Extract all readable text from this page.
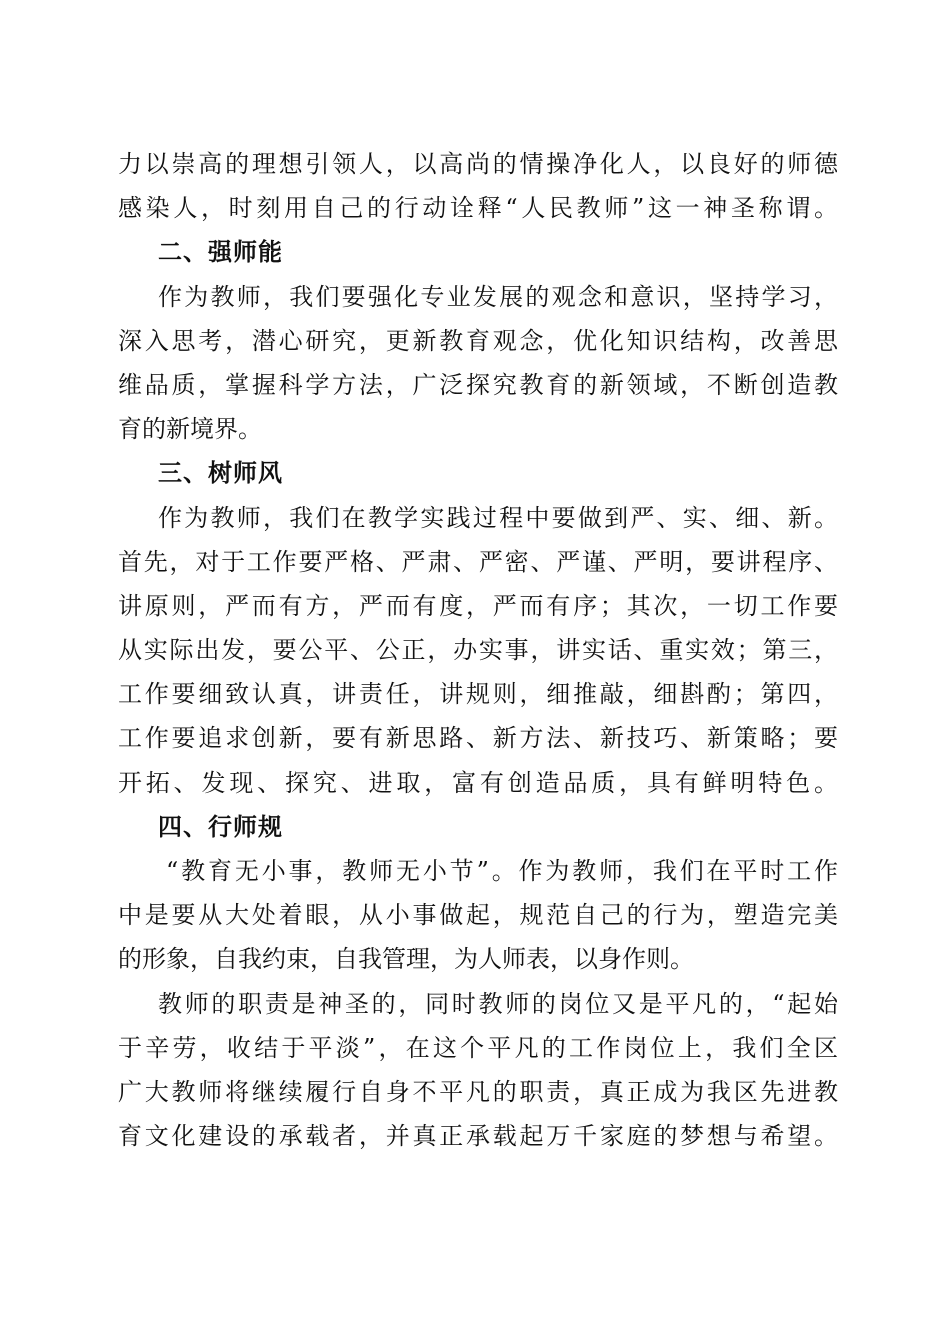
力以崇高的理想引领人，以高尚的情操净化人，以良好的师德
感染人，时刻用自己的行动诠释“人民教师”这一神圣称谓。
二、强师能
作为教师，我们要强化专业发展的观念和意识，坚持学习，
深入思考，潜心研究，更新教育观念，优化知识结构，改善思
维品质，掌握科学方法，广泛探究教育的新领域，不断创造教
育的新境界。
三、树师风
作为教师，我们在教学实践过程中要做到严、实、细、新。
首先，对于工作要严格、严肃、严密、严谨、严明，要讲程序、
讲原则，严而有方，严而有度，严而有序；其次，一切工作要
从实际出发，要公平、公正，办实事，讲实话、重实效；第三，
工作要细致认真，讲责任，讲规则，细推敲，细斟酌；第四，
工作要追求创新，要有新思路、新方法、新技巧、新策略；要
开拓、发现、探究、进取，富有创造品质，具有鲜明特色。
四、行师规
“教育无小事，教师无小节”。作为教师，我们在平时工作
中是要从大处着眼，从小事做起，规范自己的行为，塑造完美
的形象，自我约束，自我管理，为人师表，以身作则。
教师的职责是神圣的，同时教师的岗位又是平凡的，“起始
于辛劳，收结于平淡”，在这个平凡的工作岗位上，我们全区
广大教师将继续履行自身不平凡的职责，真正成为我区先进教
育文化建设的承载者，并真正承载起万千家庭的梦想与希望。
